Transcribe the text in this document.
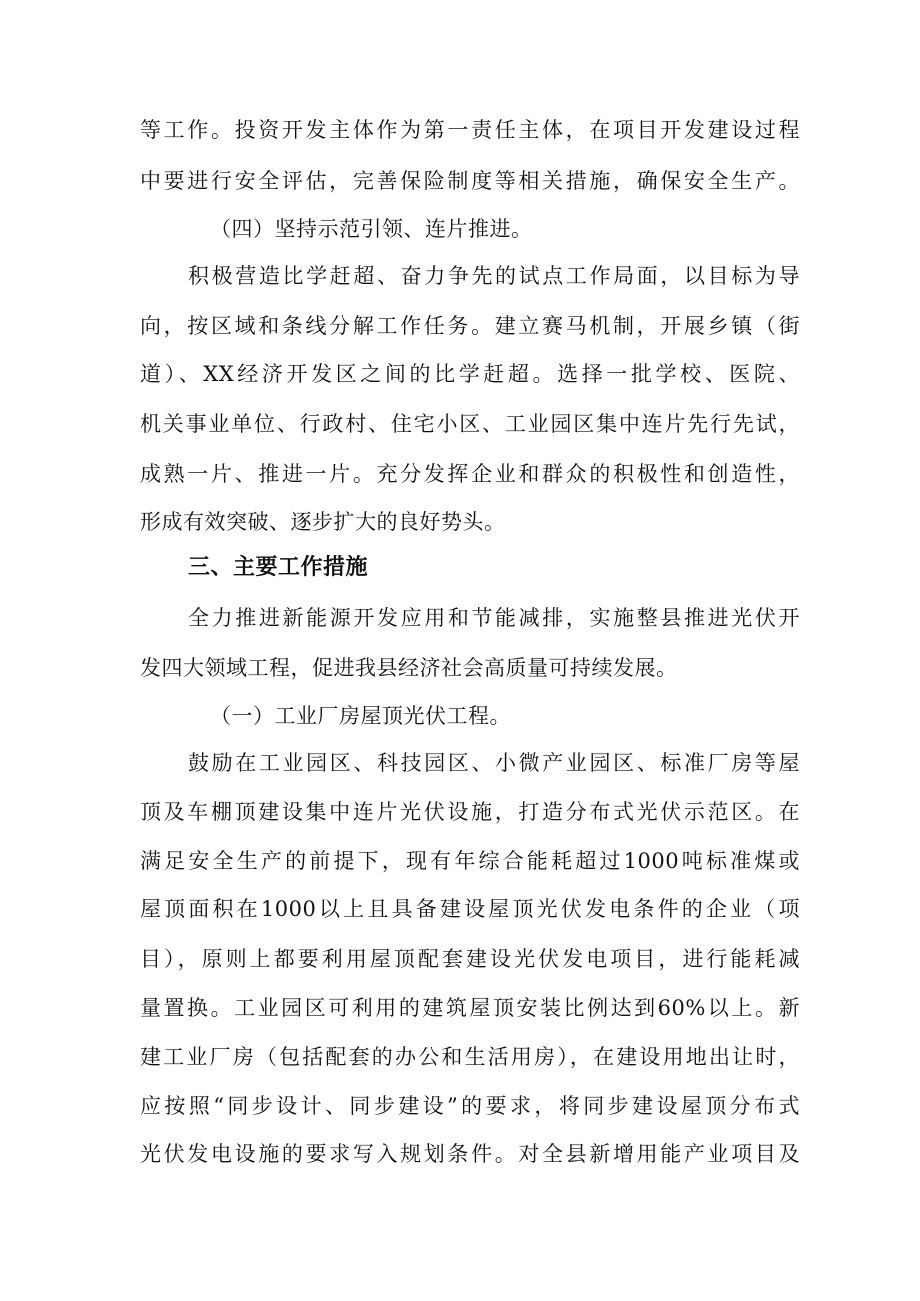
等工作。投资开发主体作为第一责任主体，在项目开发建设过程
中要进行安全评估，完善保险制度等相关措施，确保安全生产。
（四）坚持示范引领、连片推进。
积极营造比学赶超、奋力争先的试点工作局面，以目标为导
向，按区域和条线分解工作任务。建立赛马机制，开展乡镇（街
道）、XX经济开发区之间的比学赶超。选择一批学校、医院、
机关事业单位、行政村、住宅小区、工业园区集中连片先行先试，
成熟一片、推进一片。充分发挥企业和群众的积极性和创造性，
形成有效突破、逐步扩大的良好势头。
三、主要工作措施
全力推进新能源开发应用和节能减排，实施整县推进光伏开
发四大领域工程，促进我县经济社会高质量可持续发展。
（一）工业厂房屋顶光伏工程。
鼓励在工业园区、科技园区、小微产业园区、标准厂房等屋
顶及车棚顶建设集中连片光伏设施，打造分布式光伏示范区。在
满足安全生产的前提下，现有年综合能耗超过1000吨标准煤或
屋顶面积在1000以上且具备建设屋顶光伏发电条件的企业（项
目），原则上都要利用屋顶配套建设光伏发电项目，进行能耗减
量置换。工业园区可利用的建筑屋顶安装比例达到60%以上。新
建工业厂房（包括配套的办公和生活用房），在建设用地出让时，
应按照“同步设计、同步建设”的要求，将同步建设屋顶分布式
光伏发电设施的要求写入规划条件。对全县新增用能产业项目及
